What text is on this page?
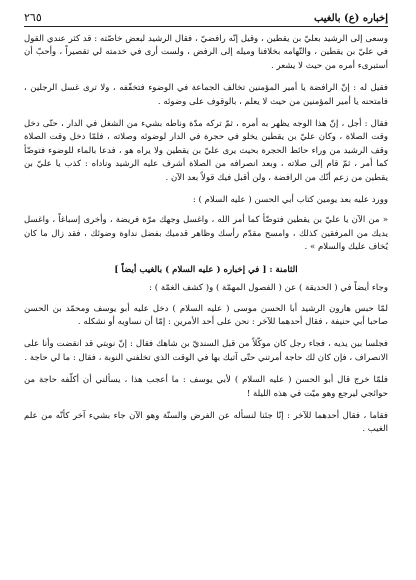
٢٦٥	إخباره (ع) بالغيب

وسعى إلى الرشيد بعليّ بن يقطين ، وقيل إنّه رافضيّ ، فقال الرشيد لبعض خاصّته : قد كثر عندي القول في عليّ بن يقطين ، والتّهامه بخلافنا وميله إلى الرفض ، ولست أرى في خدمته لي تقصيراً ، وأحبّ أن أستبرىء أمره من حيث لا يشعر .

فقيل له : إنّ الرافضة يا أمير المؤمنين تخالف الجماعة في الوضوء فتخفّفه ، ولا ترى غسل الرجلين ، فامتحنه يا أمير المؤمنين من حيث لا يعلم ، بالوقوف على وضوئه .

فقال : أجل ، إنّ هذا الوجه يظهر به أمره ، ثمّ تركه مدّة وناطه بشيء من الشغل في الدار ، حتّى دخل وقت الصلاة ، وكان عليّ بن يقطين يخلو في حجرة في الدار لوضوئه وصلاته ، فلمّا دخل وقت الصلاة وقف الرشيد من وراء حائط الحجرة بحيث يرى عليّ بن يقطين ولا يراه هو ، فدعا بالماء للوضوء فتوضّأ كما أمر ، ثمّ قام إلى صلاته ، وبعد انصرافه من الصلاة أشرف عليه الرشيد وناداه : كذب يا عليّ بن يقطين من زعم أنّك من الرافضة ، ولن أقبل فيك قولاً بعد الآن .

وورد عليه بعد يومين كتاب أبي الحسن ( عليه السلام ) :

« من الآن يا عليّ بن يقطين فتوضّأ كما أمر الله ، واغسل وجهك مرّة فريضة ، وأخرى إسباغاً ، واغسل يديك من المرفقين كذلك ، وامسح مقدّم رأسك وظاهر قدميك بفضل نداوة وضوئك ، فقد زال ما كان يُخاف عليك والسلام » .

الثامنة : [ في إخباره ( عليه السلام ) بالغيب أيضاً ]

وجاء أيضاً في ( الحديقة ) عن ( الفصول المهمّة ) و( كشف الغمّة ) :

لمّا حبس هارون الرشيد أبا الحسن موسى ( عليه السلام ) دخل عليه أبو يوسف ومحمّد بن الحسن صاحبا أبي حنيفة ، فقال أحدهما للآخر : نحن على أحد الأمرين : إمّا أن نساويه أو نشكله .

فجلسا بين يديه ، فجاء رجل كان موكّلاً من قبل السنديّ بن شاهك فقال : إنّ نوبتي قد انقضت وأنا على الانصراف ، فإن كان لك حاجة أمرتني حتّى آتيك بها في الوقت الذي تخلفني النوبة ، فقال : ما لي حاجة .

فلمّا خرج قال أبو الحسن ( عليه السلام ) لأبي يوسف : ما أعجب هذا ، يسألني أن أكلّفه حاجة من حوائجي ليرجع وهو ميّت في هذه الليلة !

فقاما ، فقال أحدهما للآخر : إنّا جئنا لنسأله عن الفرض والسنّة وهو الآن جاء بشيء آخر كأنّه من علم الغيب .
